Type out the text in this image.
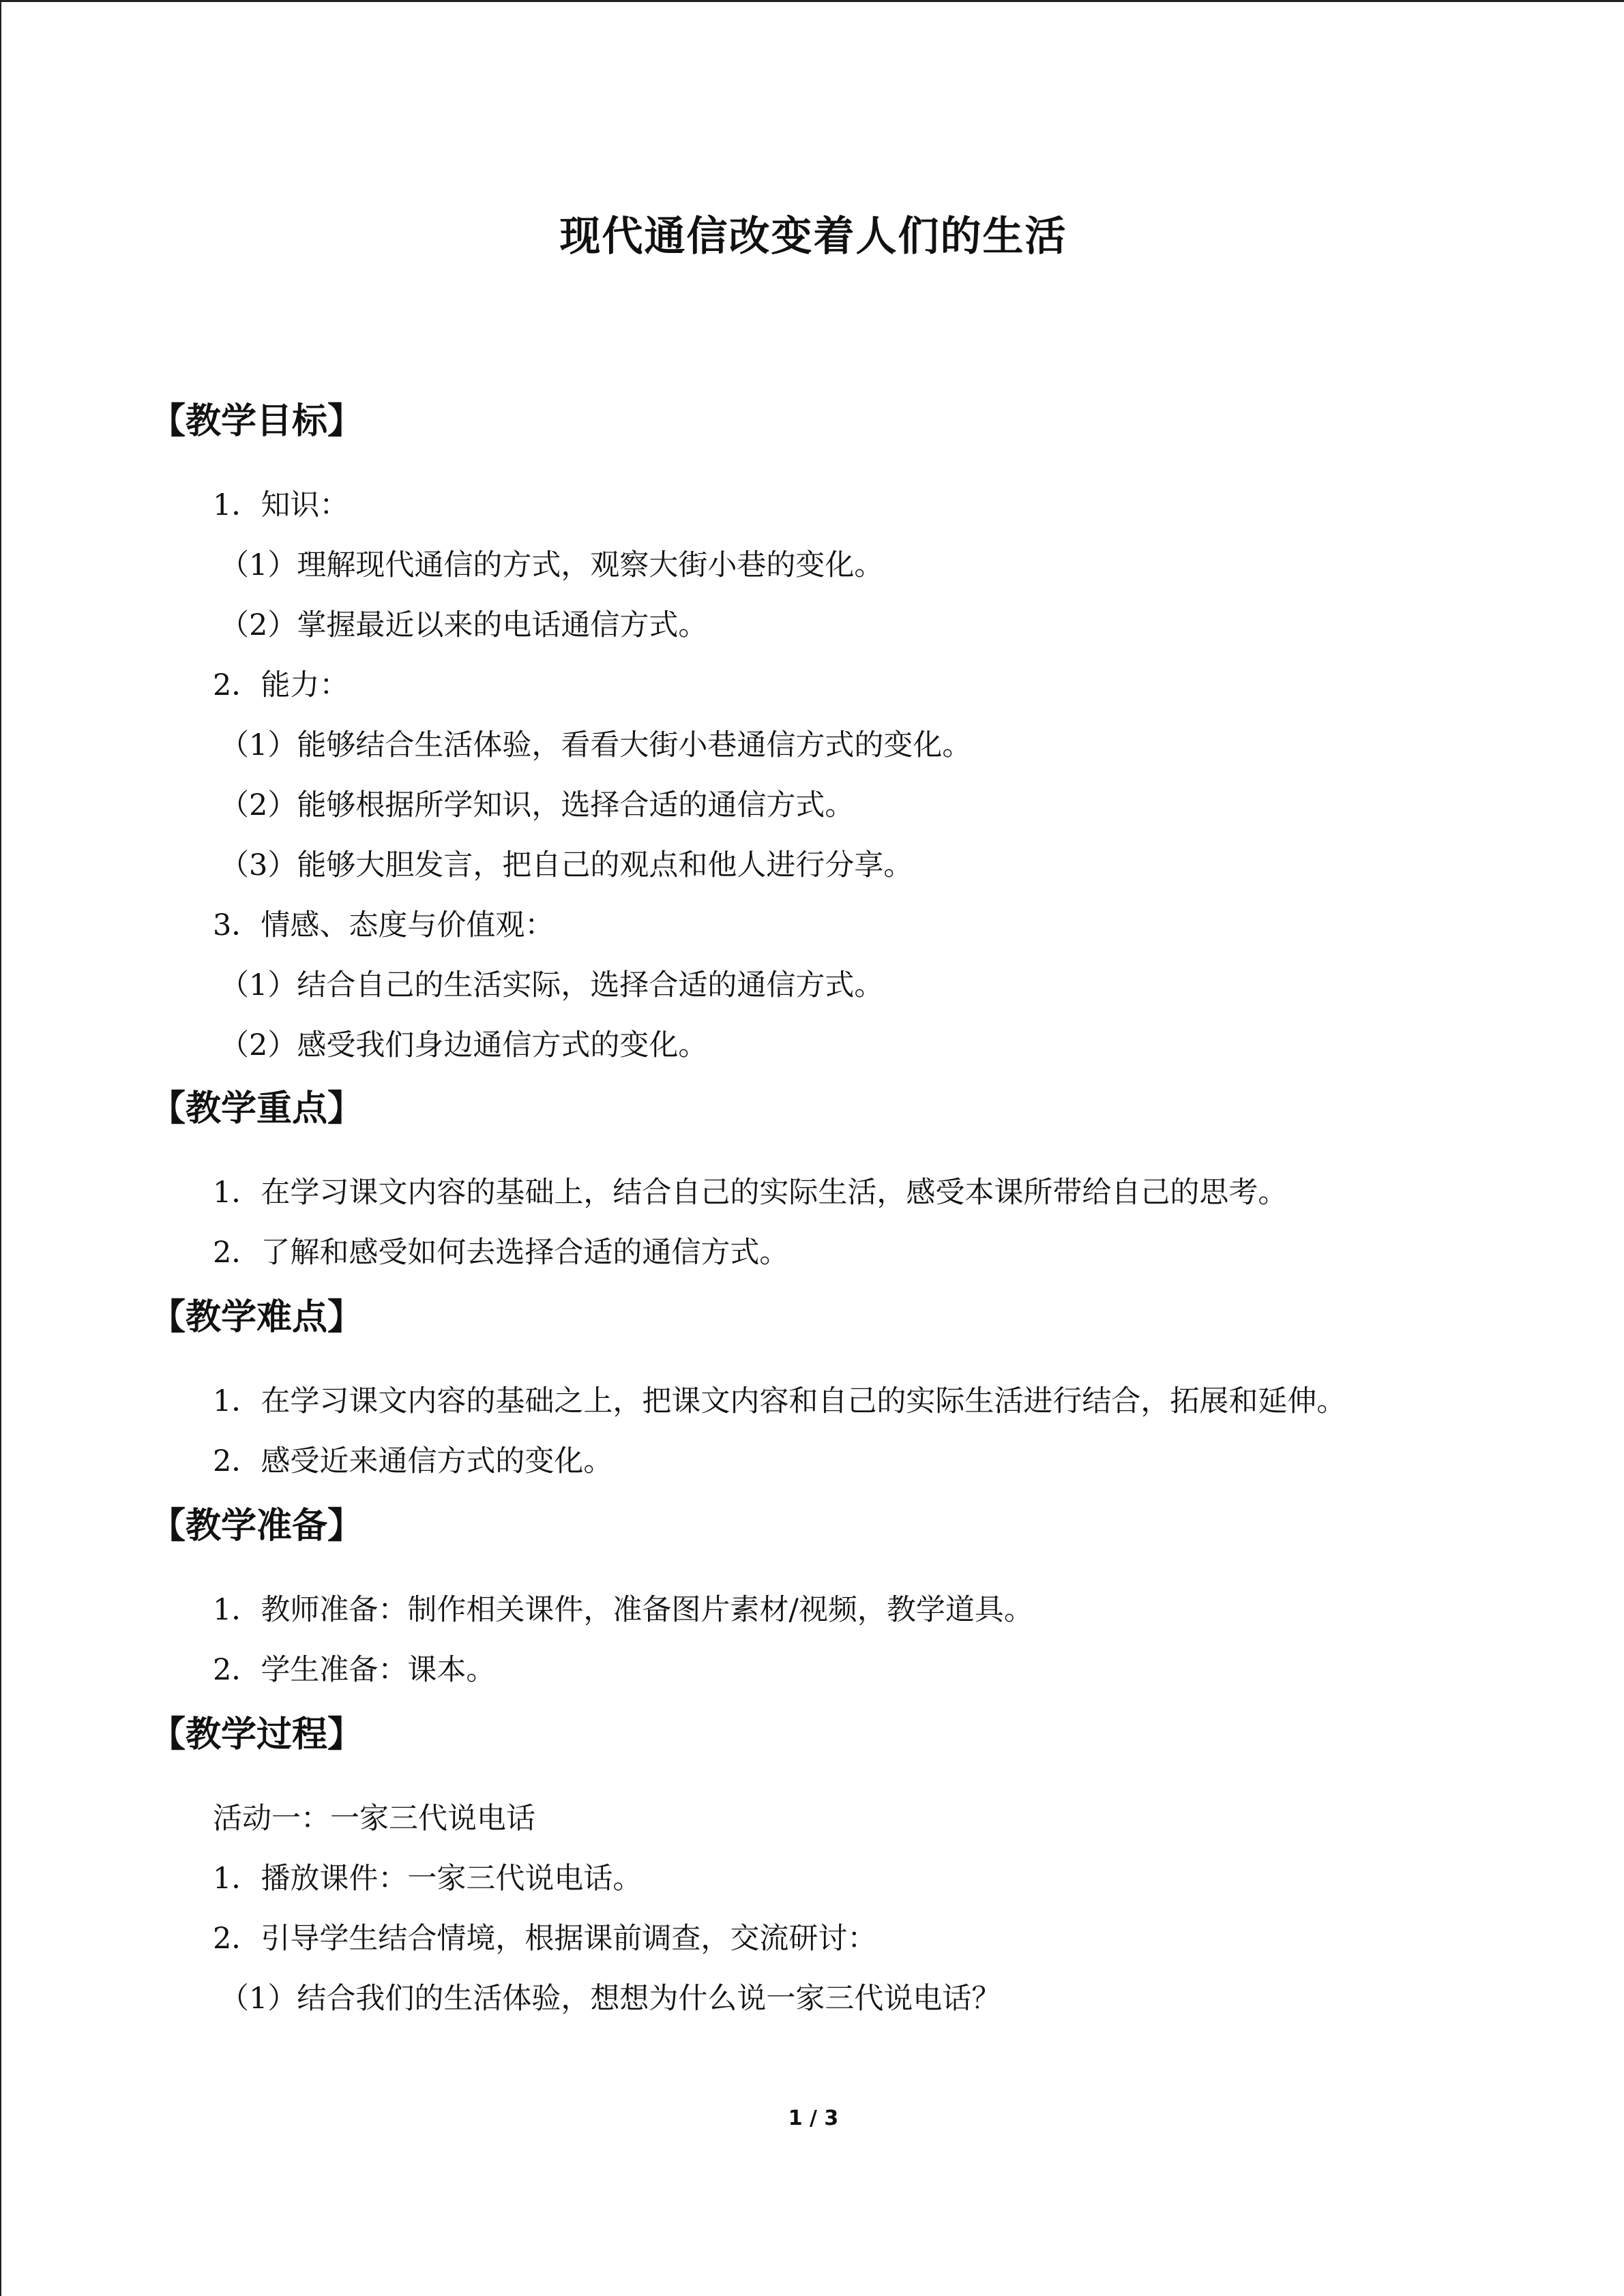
现代通信改变着人们的生活
【教学目标】
1．知识：
（1）理解现代通信的方式，观察大街小巷的变化。
（2）掌握最近以来的电话通信方式。
2．能力：
（1）能够结合生活体验，看看大街小巷通信方式的变化。
（2）能够根据所学知识，选择合适的通信方式。
（3）能够大胆发言，把自己的观点和他人进行分享。
3．情感、态度与价值观：
（1）结合自己的生活实际，选择合适的通信方式。
（2）感受我们身边通信方式的变化。
【教学重点】
1．在学习课文内容的基础上，结合自己的实际生活，感受本课所带给自己的思考。
2．了解和感受如何去选择合适的通信方式。
【教学难点】
1．在学习课文内容的基础之上，把课文内容和自己的实际生活进行结合，拓展和延伸。
2．感受近来通信方式的变化。
【教学准备】
1．教师准备：制作相关课件，准备图片素材/视频，教学道具。
2．学生准备：课本。
【教学过程】
活动一：一家三代说电话
1．播放课件：一家三代说电话。
2．引导学生结合情境，根据课前调查，交流研讨：
（1）结合我们的生活体验，想想为什么说一家三代说电话？
1 / 3
